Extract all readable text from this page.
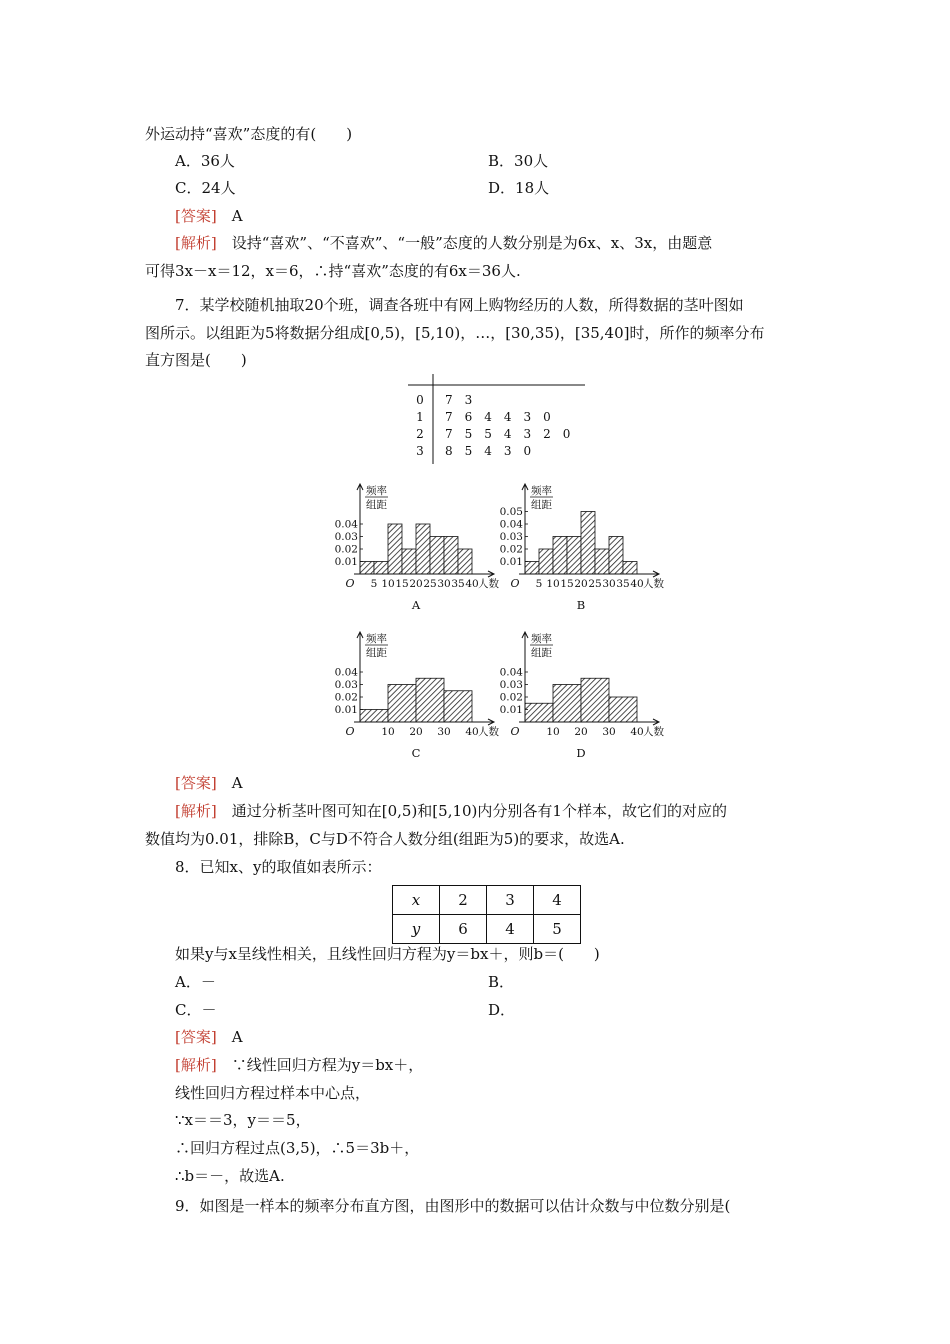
外运动持“喜欢”态度的有(　　)
A．36人	B．30人
C．24人	D．18人
[答案]　 A
[解析]　 设持“喜欢”、“不喜欢”、“一般”态度的人数分别是为6x、x、3x，由题意
可得3x－x＝12，x＝6，∴持“喜欢”态度的有6x＝36人.
7．某学校随机抽取20个班，调查各班中有网上购物经历的人数，所得数据的茎叶图如
图所示。以组距为5将数据分组成[0,5)，[5,10)，…，[30,35)，[35,40]时，所作的频率分布
直方图是(　　)
0 7　3
1 7　6　4　4　3　0
2 7　5　5　4　3　2　0
3 8　5　4　3　0
0.01
0.02
0.03
0.04
5 10 15 20 25 30 35 40
O
频率
组距
人数
A
0.01
0.02
0.03
0.04
0.05
5 10 15 20 25 30 35 40
O
频率
组距
人数
B
0.01
0.02
0.03
0.04
10 20 30 40
O
频率
组距
人数
C
0.01
0.02
0.03
0.04
10 20 30 40
O
频率
组距
人数
D
[答案]　 A
[解析]　 通过分析茎叶图可知在[0,5)和[5,10)内分别各有1个样本，故它们的对应的
数值均为0.01，排除B，C与D不符合人数分组(组距为5)的要求，故选A.
8．已知x、y的取值如表所示：
x	2	3	4
y	6	4	5
如果y与x呈线性相关，且线性回归方程为y＝bx＋，则b＝(　　)
A．－	B．
C．－	D．
[答案]　 A
[解析]　 ∵线性回归方程为y＝bx＋，
线性回归方程过样本中心点，
∵x＝＝3，y＝＝5，
∴回归方程过点(3,5)，∴5＝3b＋，
∴b＝－，故选A.
9．如图是一样本的频率分布直方图，由图形中的数据可以估计众数与中位数分别是(
